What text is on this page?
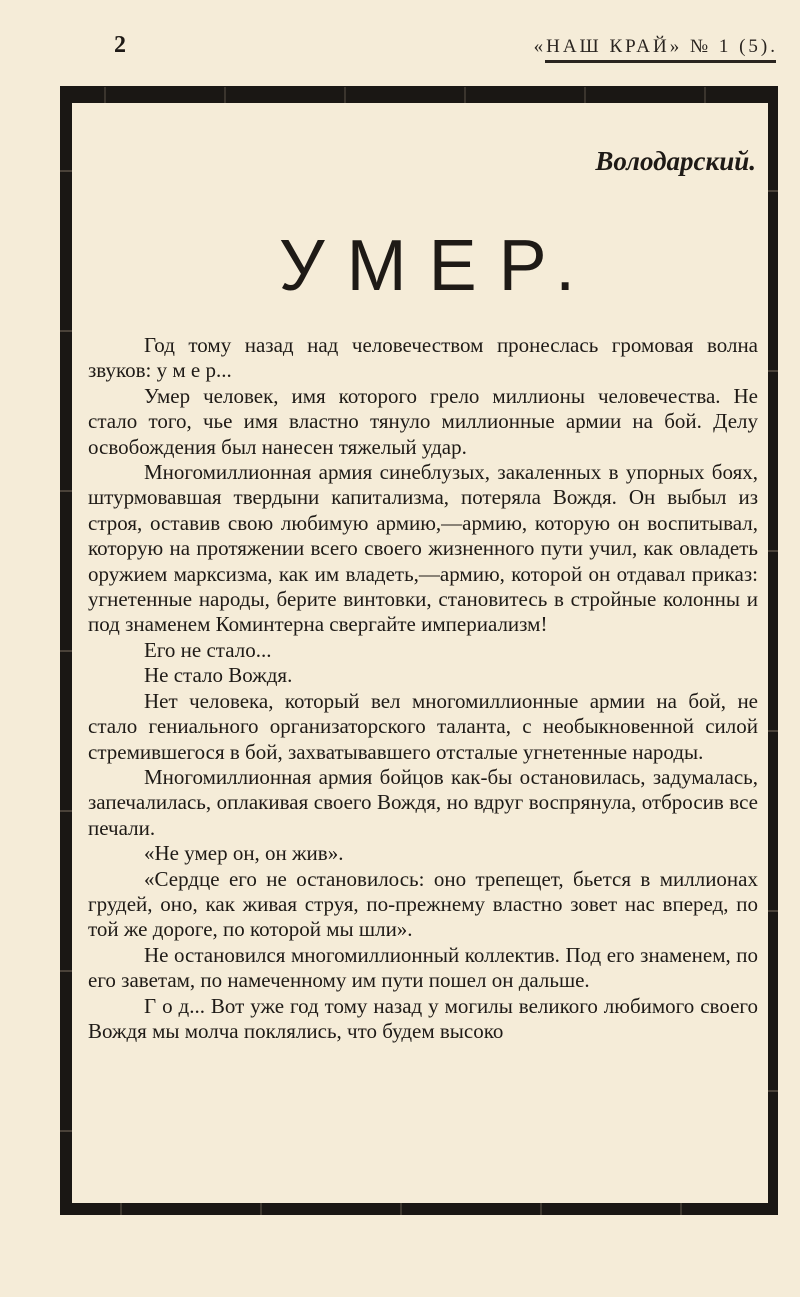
2	«НАШ КРАЙ» № 1 (5).
Володарский.
УМЕР.

Год тому назад над человечеством пронеслась громовая волна звуков: у м е р...

Умер человек, имя которого грело миллионы человечества. Не стало того, чье имя властно тянуло миллионные армии на бой. Делу освобождения был нанесен тяжелый удар.

Многомиллионная армия синеблузых, закаленных в упорных боях, штурмовавшая твердыни капитализма, потеряла Вождя. Он выбыл из строя, оставив свою любимую армию,—армию, которую он воспитывал, которую на протяжении всего своего жизненного пути учил, как овладеть оружием марксизма, как им владеть,—армию, которой он отдавал приказ: угнетенные народы, берите винтовки, становитесь в стройные колонны и под знаменем Коминтерна свергайте империализм!

Его не стало...

Не стало Вождя.

Нет человека, который вел многомиллионные армии на бой, не стало гениального организаторского таланта, с необыкновенной силой стремившегося в бой, захватывавшего отсталые угнетенные народы.

Многомиллионная армия бойцов как-бы остановилась, задумалась, запечалилась, оплакивая своего Вождя, но вдруг воспрянула, отбросив все печали.

«Не умер он, он жив».

«Сердце его не остановилось: оно трепещет, бьется в миллионах грудей, оно, как живая струя, по-прежнему властно зовет нас вперед, по той же дороге, по которой мы шли».

Не остановился многомиллионный коллектив. Под его знаменем, по его заветам, по намеченному им пути пошел он дальше.

Г о д... Вот уже год тому назад у могилы великого любимого своего Вождя мы молча поклялись, что будем высоко
